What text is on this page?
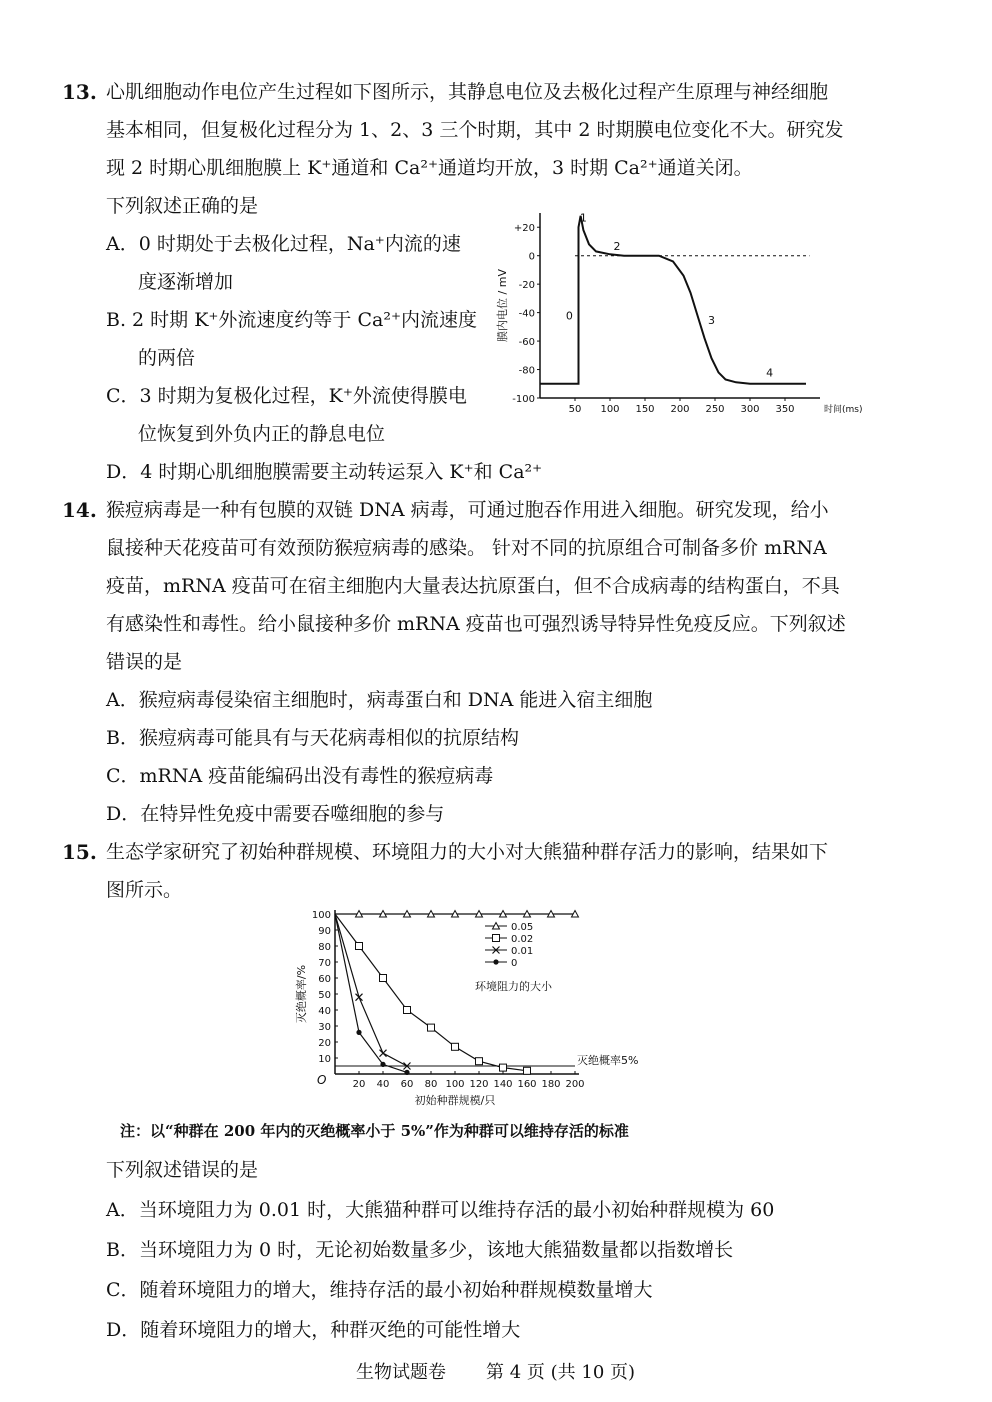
13. 心肌细胞动作电位产生过程如下图所示，其静息电位及去极化过程产生原理与神经细胞
基本相同，但复极化过程分为 1、2、3 三个时期，其中 2 时期膜电位变化不大。研究发
现 2 时期心肌细胞膜上 K⁺通道和 Ca²⁺通道均开放，3 时期 Ca²⁺通道关闭。
下列叙述正确的是
A．0 时期处于去极化过程，Na⁺内流的速
度逐渐增加
B. 2 时期 K⁺外流速度约等于 Ca²⁺内流速度
的两倍
C．3 时期为复极化过程，K⁺外流使得膜电
位恢复到外负内正的静息电位
D．4 时期心肌细胞膜需要主动转运泵入 K⁺和 Ca²⁺
+20
0
-20
-40
-60
-80
-100
50 100 150 200 250 300 350	时间(ms)
膜内电位 / mV	0
1
2
3
4
14. 猴痘病毒是一种有包膜的双链 DNA 病毒，可通过胞吞作用进入细胞。研究发现，给小
鼠接种天花疫苗可有效预防猴痘病毒的感染。 针对不同的抗原组合可制备多价 mRNA
疫苗，mRNA 疫苗可在宿主细胞内大量表达抗原蛋白，但不合成病毒的结构蛋白，不具
有感染性和毒性。给小鼠接种多价 mRNA 疫苗也可强烈诱导特异性免疫反应。下列叙述
错误的是
A．猴痘病毒侵染宿主细胞时，病毒蛋白和 DNA 能进入宿主细胞
B．猴痘病毒可能具有与天花病毒相似的抗原结构
C．mRNA 疫苗能编码出没有毒性的猴痘病毒
D．在特异性免疫中需要吞噬细胞的参与
15. 生态学家研究了初始种群规模、环境阻力的大小对大熊猫种群存活力的影响，结果如下
图所示。
O
10
20
30
40
50
60
70
80
90
100
20 40 60 80 100 120 140 160 180 200
初始种群规模/只
灭绝概率/%
灭绝概率5%
0.05
0.02
0.01
0
环境阻力的大小
注：以“种群在 200 年内的灭绝概率小于 5%”作为种群可以维持存活的标准
下列叙述错误的是
A．当环境阻力为 0.01 时，大熊猫种群可以维持存活的最小初始种群规模为 60
B．当环境阻力为 0 时，无论初始数量多少，该地大熊猫数量都以指数增长
C．随着环境阻力的增大，维持存活的最小初始种群规模数量增大
D．随着环境阻力的增大，种群灭绝的可能性增大
生物试题卷 第 4 页 (共 10 页)
